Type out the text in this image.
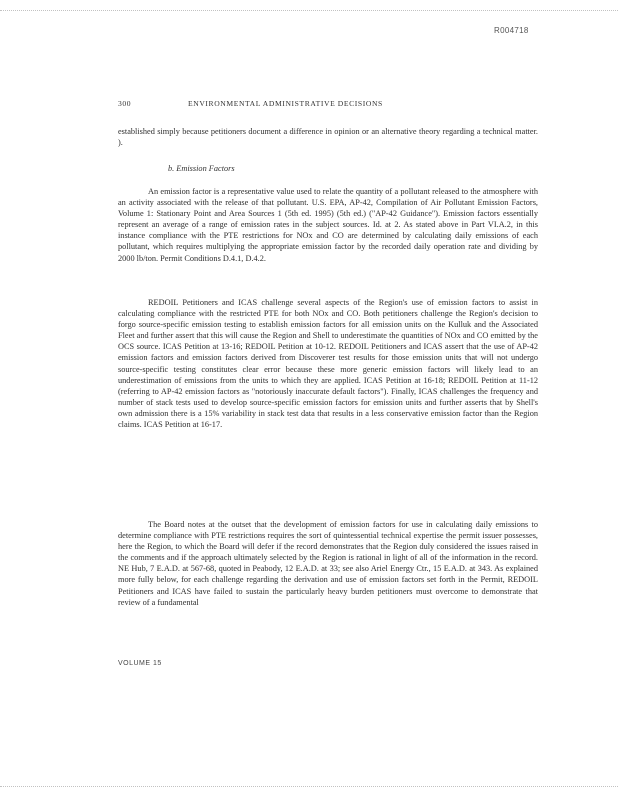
R004718
300	ENVIRONMENTAL ADMINISTRATIVE DECISIONS

established simply because petitioners document a difference in opinion or an alternative theory regarding a technical matter. ).

b. Emission Factors

An emission factor is a representative value used to relate the quantity of a pollutant released to the atmosphere with an activity associated with the release of that pollutant. U.S. EPA, AP-42, Compilation of Air Pollutant Emission Factors, Volume 1: Stationary Point and Area Sources 1 (5th ed. 1995) (5th ed.) ("AP-42 Guidance"). Emission factors essentially represent an average of a range of emission rates in the subject sources. Id. at 2. As stated above in Part VI.A.2, in this instance compliance with the PTE restrictions for NOx and CO are determined by calculating daily emissions of each pollutant, which requires multiplying the appropriate emission factor by the recorded daily operation rate and dividing by 2000 lb/ton. Permit Conditions D.4.1, D.4.2.

REDOIL Petitioners and ICAS challenge several aspects of the Region's use of emission factors to assist in calculating compliance with the restricted PTE for both NOx and CO. Both petitioners challenge the Region's decision to forgo source-specific emission testing to establish emission factors for all emission units on the Kulluk and the Associated Fleet and further assert that this will cause the Region and Shell to underestimate the quantities of NOx and CO emitted by the OCS source. ICAS Petition at 13-16; REDOIL Petition at 10-12. REDOIL Petitioners and ICAS assert that the use of AP-42 emission factors and emission factors derived from Discoverer test results for those emission units that will not undergo source-specific testing constitutes clear error because these more generic emission factors will likely lead to an underestimation of emissions from the units to which they are applied. ICAS Petition at 16-18; REDOIL Petition at 11-12 (referring to AP-42 emission factors as "notoriously inaccurate default factors"). Finally, ICAS challenges the frequency and number of stack tests used to develop source-specific emission factors for emission units and further asserts that by Shell's own admission there is a 15% variability in stack test data that results in a less conservative emission factor than the Region claims. ICAS Petition at 16-17.

The Board notes at the outset that the development of emission factors for use in calculating daily emissions to determine compliance with PTE restrictions requires the sort of quintessential technical expertise the permit issuer possesses, here the Region, to which the Board will defer if the record demonstrates that the Region duly considered the issues raised in the comments and if the approach ultimately selected by the Region is rational in light of all of the information in the record. NE Hub, 7 E.A.D. at 567-68, quoted in Peabody, 12 E.A.D. at 33; see also Ariel Energy Ctr., 15 E.A.D. at 343. As explained more fully below, for each challenge regarding the derivation and use of emission factors set forth in the Permit, REDOIL Petitioners and ICAS have failed to sustain the particularly heavy burden petitioners must overcome to demonstrate that review of a fundamental

VOLUME 15
